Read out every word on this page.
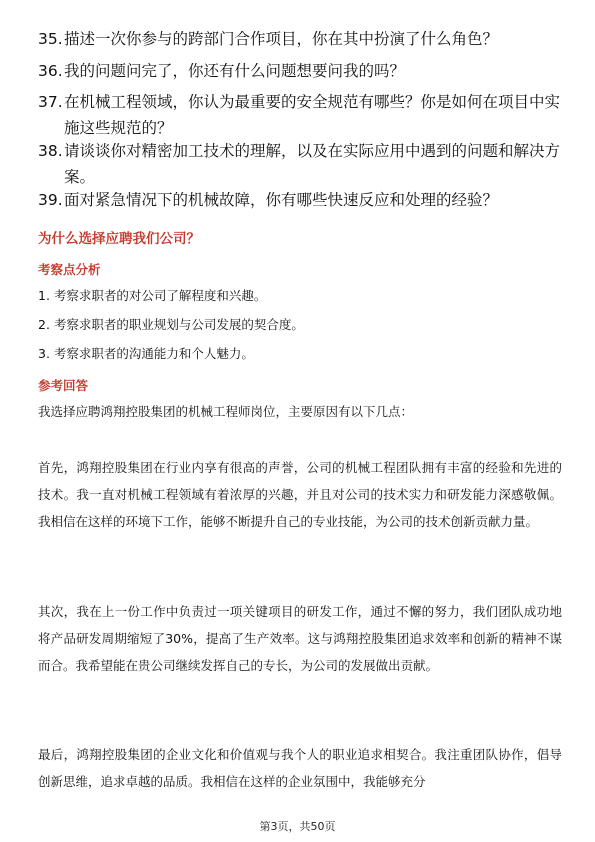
35. 描述一次你参与的跨部门合作项目，你在其中扮演了什么角色？
36. 我的问题问完了，你还有什么问题想要问我的吗？
37. 在机械工程领域，你认为最重要的安全规范有哪些？你是如何在项目中实施这些规范的？
38. 请谈谈你对精密加工技术的理解，以及在实际应用中遇到的问题和解决方案。
39. 面对紧急情况下的机械故障，你有哪些快速反应和处理的经验？
为什么选择应聘我们公司？
考察点分析
1. 考察求职者的对公司了解程度和兴趣。
2. 考察求职者的职业规划与公司发展的契合度。
3. 考察求职者的沟通能力和个人魅力。
参考回答
我选择应聘鸿翔控股集团的机械工程师岗位，主要原因有以下几点：
首先，鸿翔控股集团在行业内享有很高的声誉，公司的机械工程团队拥有丰富的经验和先进的技术。我一直对机械工程领域有着浓厚的兴趣，并且对公司的技术实力和研发能力深感敬佩。我相信在这样的环境下工作，能够不断提升自己的专业技能，为公司的技术创新贡献力量。
其次，我在上一份工作中负责过一项关键项目的研发工作，通过不懈的努力，我们团队成功地将产品研发周期缩短了30%，提高了生产效率。这与鸿翔控股集团追求效率和创新的精神不谋而合。我希望能在贵公司继续发挥自己的专长，为公司的发展做出贡献。
最后，鸿翔控股集团的企业文化和价值观与我个人的职业追求相契合。我注重团队协作，倡导创新思维，追求卓越的品质。我相信在这样的企业氛围中，我能够充分
第3页，共50页
